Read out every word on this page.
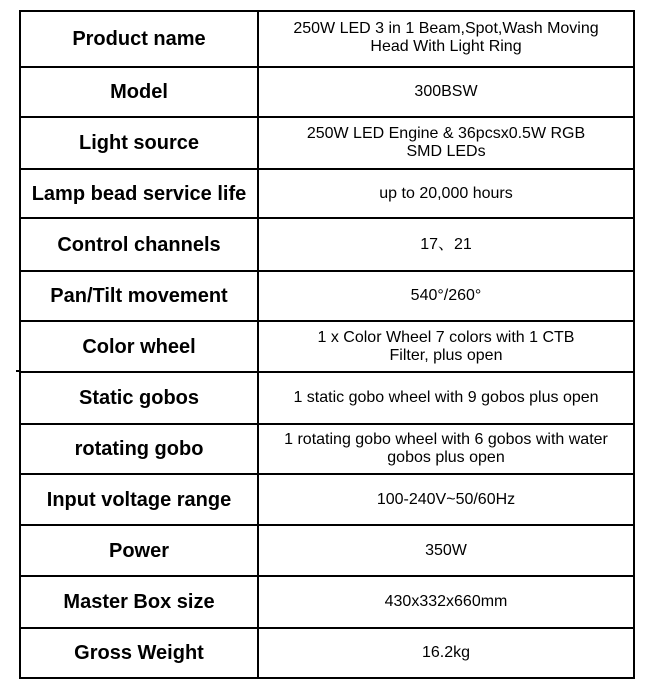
Product name	250W LED 3 in 1 Beam,Spot,Wash Moving Head With Light Ring
Model	300BSW
Light source	250W LED Engine & 36pcsx0.5W RGB SMD LEDs
Lamp bead service life	up to 20,000 hours
Control channels	17、21
Pan/Tilt movement	540°/260°
Color wheel	1 x Color Wheel 7 colors with 1 CTB Filter, plus open
Static gobos	1 static gobo wheel with 9 gobos plus open
rotating gobo	1 rotating gobo wheel with 6 gobos with water gobos plus open
Input voltage range	100-240V~50/60Hz
Power	350W
Master Box size	430x332x660mm
Gross Weight	16.2kg
